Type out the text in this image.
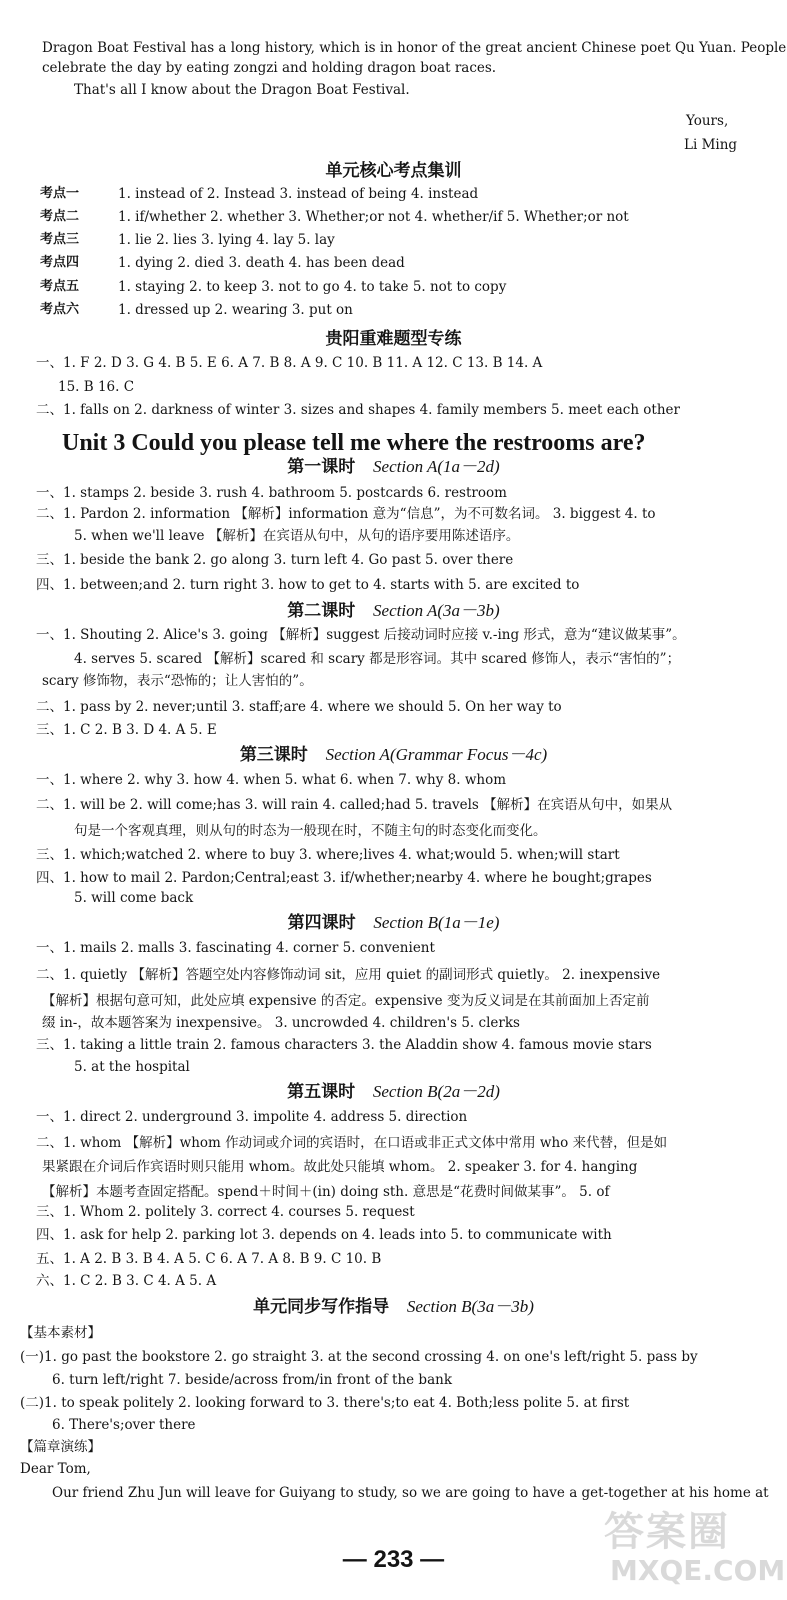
Dragon Boat Festival has a long history, which is in honor of the great ancient Chinese poet Qu Yuan. People
celebrate the day by eating zongzi and holding dragon boat races.
That's all I know about the Dragon Boat Festival.
Yours,
Li Ming
单元核心考点集训
考点一	1. instead of 2. Instead 3. instead of being 4. instead
考点二	1. if/whether 2. whether 3. Whether;or not 4. whether/if 5. Whether;or not
考点三	1. lie 2. lies 3. lying 4. lay 5. lay
考点四	1. dying 2. died 3. death 4. has been dead
考点五	1. staying 2. to keep 3. not to go 4. to take 5. not to copy
考点六	1. dressed up 2. wearing 3. put on
贵阳重难题型专练
一、1. F 2. D 3. G 4. B 5. E 6. A 7. B 8. A 9. C 10. B 11. A 12. C 13. B 14. A
15. B 16. C
二、1. falls on 2. darkness of winter 3. sizes and shapes 4. family members 5. meet each other
Unit 3 Could you please tell me where the restrooms are?
第一课时 Section A(1a－2d)
一、1. stamps 2. beside 3. rush 4. bathroom 5. postcards 6. restroom
二、1. Pardon 2. information 【解析】information 意为“信息”，为不可数名词。 3. biggest 4. to
5. when we'll leave 【解析】在宾语从句中，从句的语序要用陈述语序。
三、1. beside the bank 2. go along 3. turn left 4. Go past 5. over there
四、1. between;and 2. turn right 3. how to get to 4. starts with 5. are excited to
第二课时 Section A(3a－3b)
一、1. Shouting 2. Alice's 3. going 【解析】suggest 后接动词时应接 v.-ing 形式，意为“建议做某事”。
4. serves 5. scared 【解析】scared 和 scary 都是形容词。其中 scared 修饰人，表示“害怕的”；
scary 修饰物，表示“恐怖的；让人害怕的”。
二、1. pass by 2. never;until 3. staff;are 4. where we should 5. On her way to
三、1. C 2. B 3. D 4. A 5. E
第三课时 Section A(Grammar Focus－4c)
一、1. where 2. why 3. how 4. when 5. what 6. when 7. why 8. whom
二、1. will be 2. will come;has 3. will rain 4. called;had 5. travels 【解析】在宾语从句中，如果从
句是一个客观真理，则从句的时态为一般现在时，不随主句的时态变化而变化。
三、1. which;watched 2. where to buy 3. where;lives 4. what;would 5. when;will start
四、1. how to mail 2. Pardon;Central;east 3. if/whether;nearby 4. where he bought;grapes
5. will come back
第四课时 Section B(1a－1e)
一、1. mails 2. malls 3. fascinating 4. corner 5. convenient
二、1. quietly 【解析】答题空处内容修饰动词 sit，应用 quiet 的副词形式 quietly。 2. inexpensive
【解析】根据句意可知，此处应填 expensive 的否定。expensive 变为反义词是在其前面加上否定前
缀 in-，故本题答案为 inexpensive。 3. uncrowded 4. children's 5. clerks
三、1. taking a little train 2. famous characters 3. the Aladdin show 4. famous movie stars
5. at the hospital
第五课时 Section B(2a－2d)
一、1. direct 2. underground 3. impolite 4. address 5. direction
二、1. whom 【解析】whom 作动词或介词的宾语时，在口语或非正式文体中常用 who 来代替，但是如
果紧跟在介词后作宾语时则只能用 whom。故此处只能填 whom。 2. speaker 3. for 4. hanging
【解析】本题考查固定搭配。spend＋时间＋(in) doing sth. 意思是“花费时间做某事”。 5. of
三、1. Whom 2. politely 3. correct 4. courses 5. request
四、1. ask for help 2. parking lot 3. depends on 4. leads into 5. to communicate with
五、1. A 2. B 3. B 4. A 5. C 6. A 7. A 8. B 9. C 10. B
六、1. C 2. B 3. C 4. A 5. A
单元同步写作指导 Section B(3a－3b)
【基本素材】
(一)1. go past the bookstore 2. go straight 3. at the second crossing 4. on one's left/right 5. pass by
6. turn left/right 7. beside/across from/in front of the bank
(二)1. to speak politely 2. looking forward to 3. there's;to eat 4. Both;less polite 5. at first
6. There's;over there
【篇章演练】
Dear Tom,
Our friend Zhu Jun will leave for Guiyang to study, so we are going to have a get-together at his home at
— 233 —
答案圈
MXQE.COM
